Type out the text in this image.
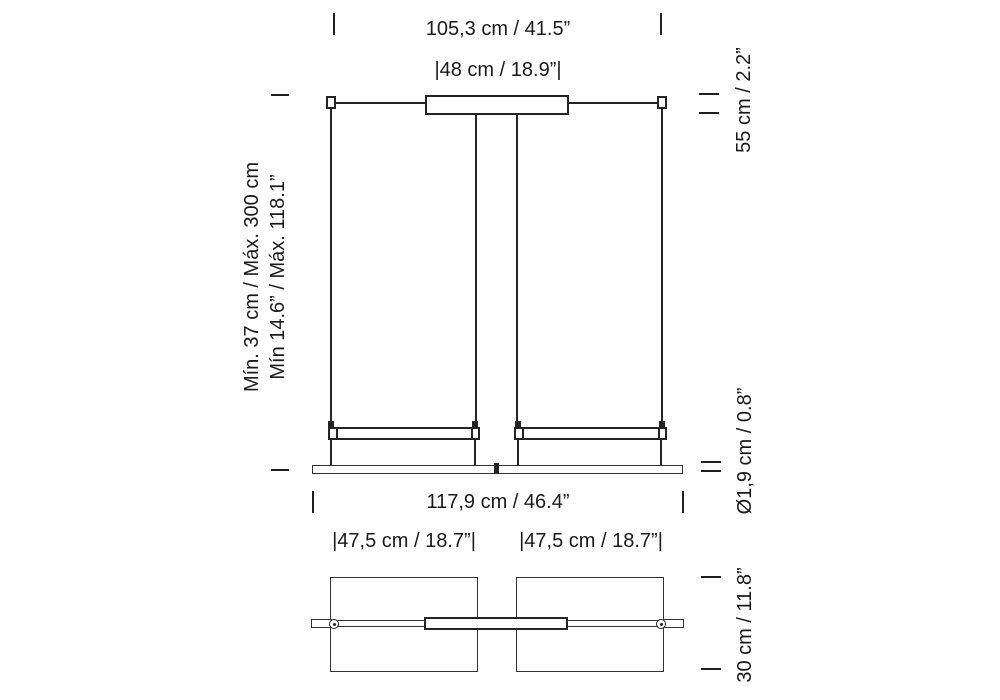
105,3 cm / 41.5”
|48 cm / 18.9”|
Mín. 37 cm / Máx. 300 cm Mín 14.6” / Máx. 118.1”
55 cm / 2.2”
Ø1,9 cm / 0.8”
117,9 cm / 46.4”
|47,5 cm / 18.7”|	|47,5 cm / 18.7”|
30 cm / 11.8”
